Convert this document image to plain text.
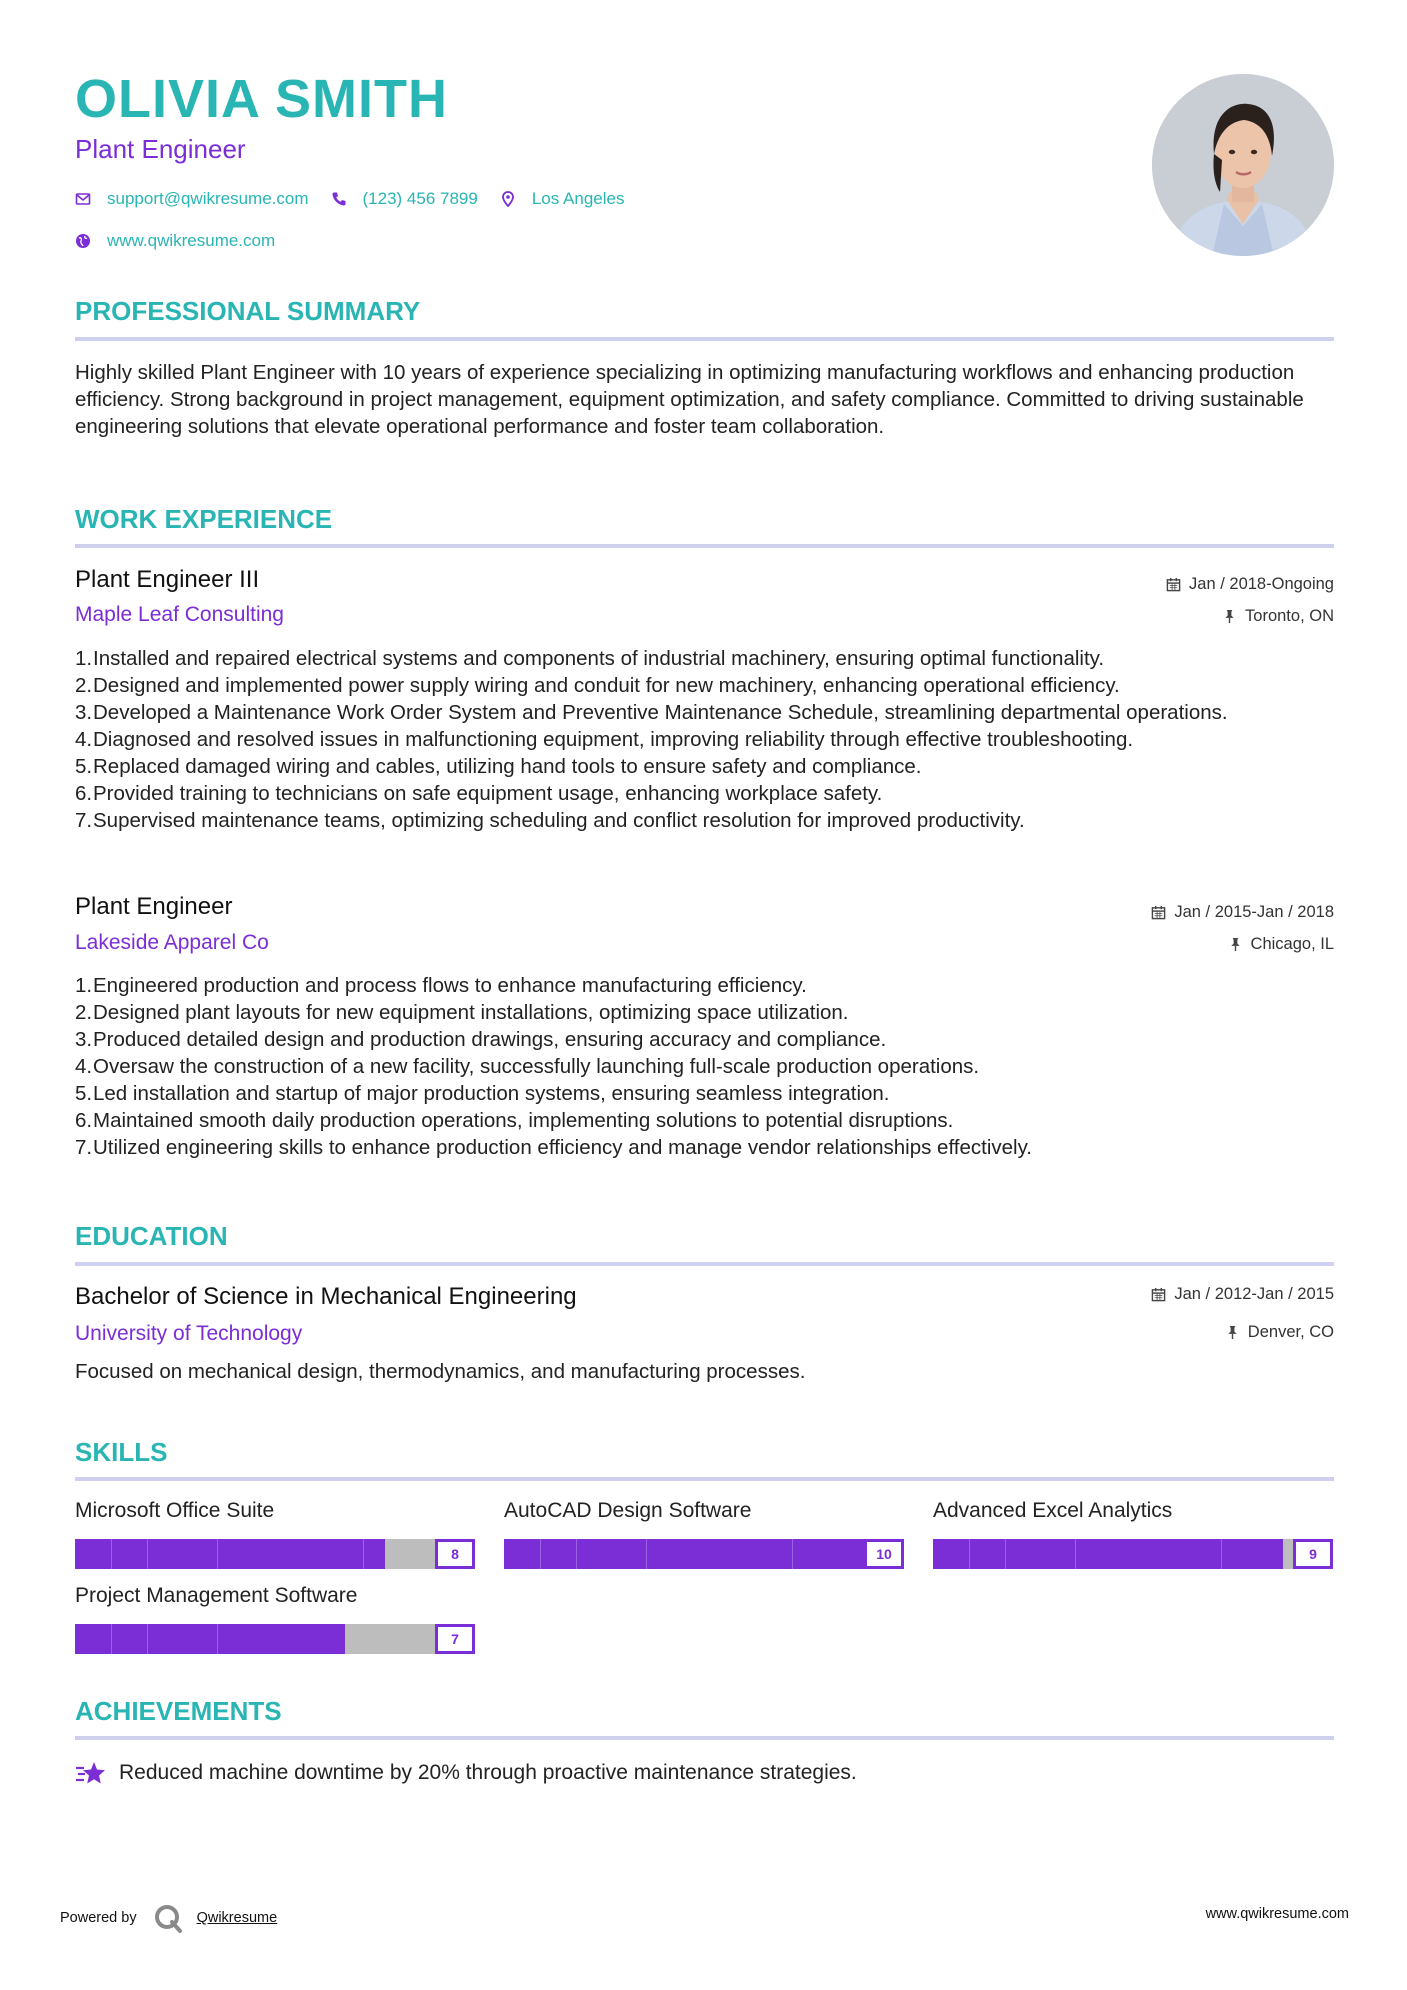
OLIVIA SMITH
Plant Engineer
support@qwikresume.com	(123) 456 7899	Los Angeles
www.qwikresume.com
PROFESSIONAL SUMMARY

Highly skilled Plant Engineer with 10 years of experience specializing in optimizing manufacturing workflows and enhancing production efficiency. Strong background in project management, equipment optimization, and safety compliance. Committed to driving sustainable engineering solutions that elevate operational performance and foster team collaboration.

WORK EXPERIENCE
Plant Engineer III
Maple Leaf Consulting
Jan / 2018-Ongoing
Toronto, ON
1. Installed and repaired electrical systems and components of industrial machinery, ensuring optimal functionality.
2. Designed and implemented power supply wiring and conduit for new machinery, enhancing operational efficiency.
3. Developed a Maintenance Work Order System and Preventive Maintenance Schedule, streamlining departmental operations.
4. Diagnosed and resolved issues in malfunctioning equipment, improving reliability through effective troubleshooting.
5. Replaced damaged wiring and cables, utilizing hand tools to ensure safety and compliance.
6. Provided training to technicians on safe equipment usage, enhancing workplace safety.
7. Supervised maintenance teams, optimizing scheduling and conflict resolution for improved productivity.
Plant Engineer
Lakeside Apparel Co
Jan / 2015-Jan / 2018
Chicago, IL
1. Engineered production and process flows to enhance manufacturing efficiency.
2. Designed plant layouts for new equipment installations, optimizing space utilization.
3. Produced detailed design and production drawings, ensuring accuracy and compliance.
4. Oversaw the construction of a new facility, successfully launching full-scale production operations.
5. Led installation and startup of major production systems, ensuring seamless integration.
6. Maintained smooth daily production operations, implementing solutions to potential disruptions.
7. Utilized engineering skills to enhance production efficiency and manage vendor relationships effectively.
EDUCATION
Bachelor of Science in Mechanical Engineering
University of Technology
Jan / 2012-Jan / 2015
Denver, CO

Focused on mechanical design, thermodynamics, and manufacturing processes.

SKILLS
Microsoft Office Suite
8
AutoCAD Design Software
10
Advanced Excel Analytics
9
Project Management Software
7
ACHIEVEMENTS
Reduced machine downtime by 20% through proactive maintenance strategies.
Powered by	Qwikresume	www.qwikresume.com
